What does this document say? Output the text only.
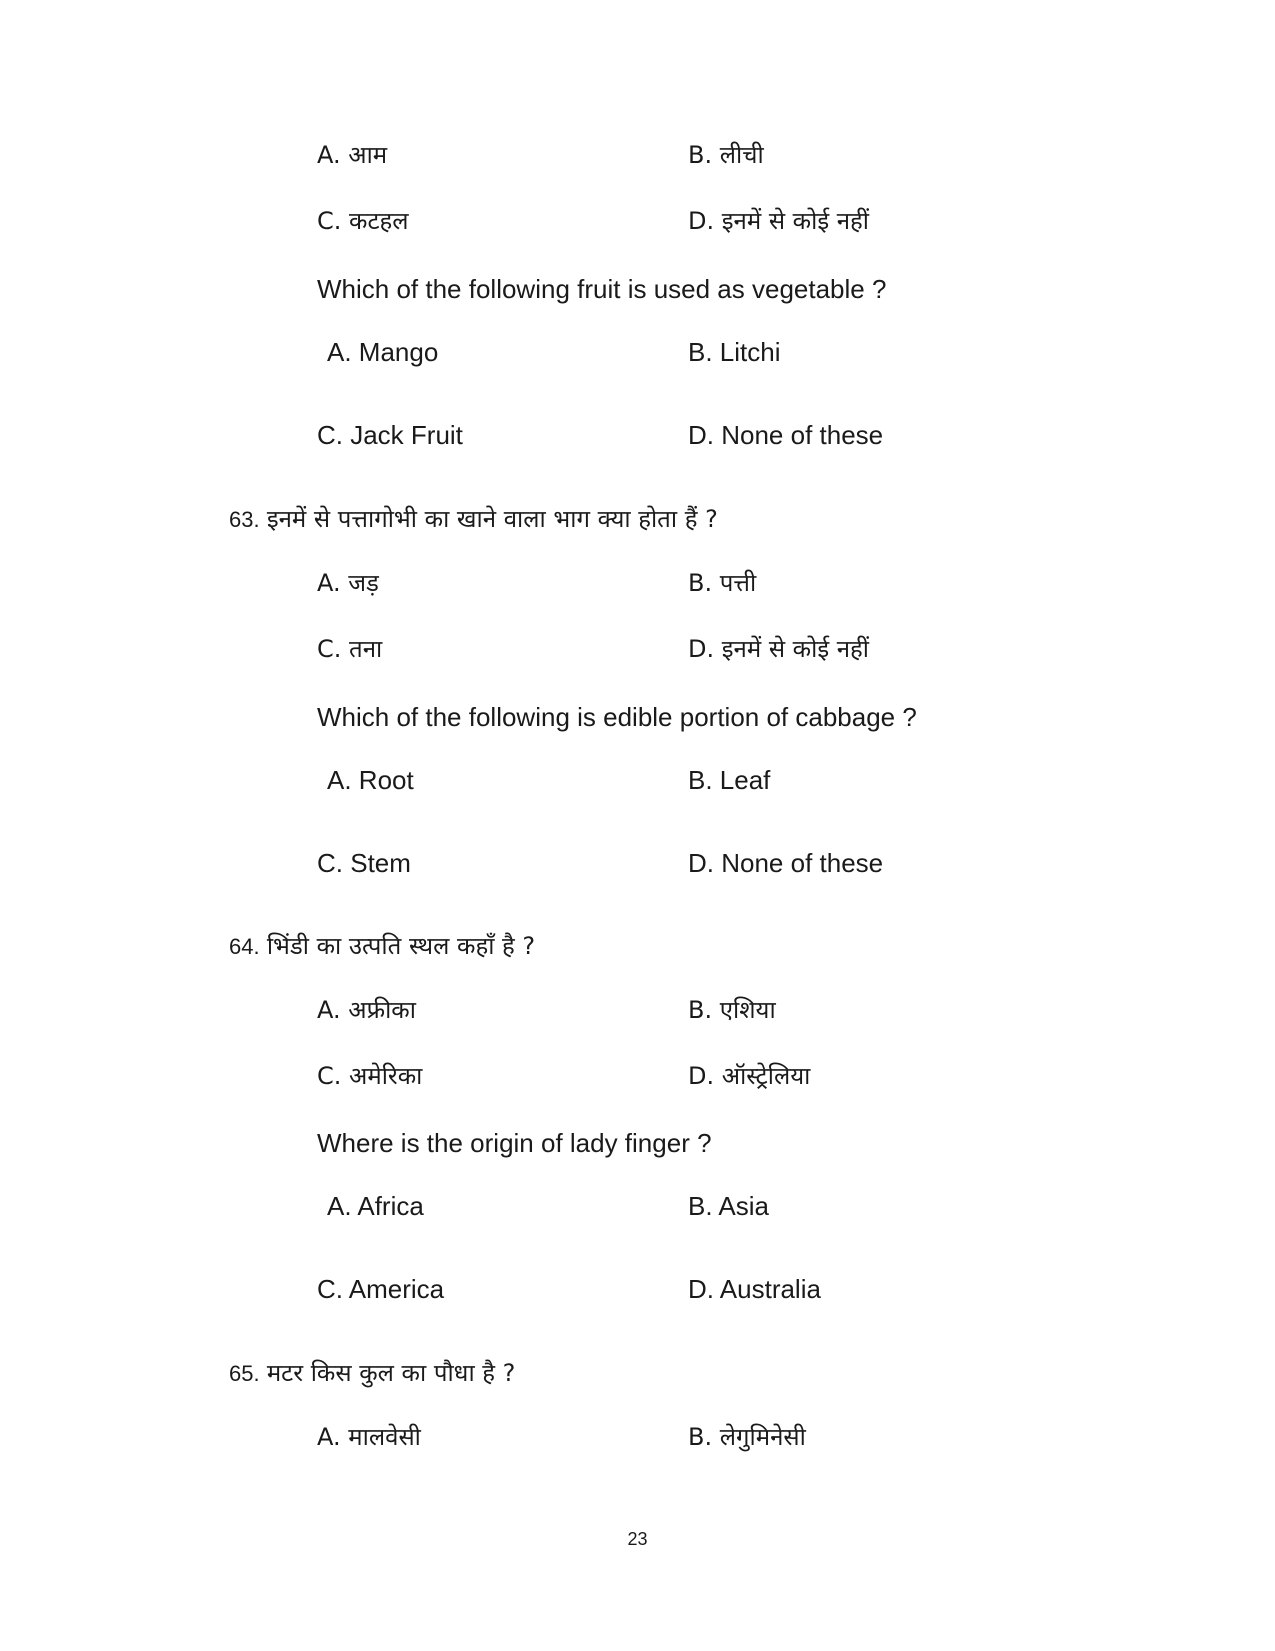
A. आम	B. लीची
C. कटहल	D. इनमें से कोई नहीं
Which of the following fruit is used as vegetable ?
A. Mango	B. Litchi
C. Jack Fruit	D. None of these
63. इनमें से पत्तागोभी का खाने वाला भाग क्या होता हैं ?
A. जड़	B. पत्ती
C. तना	D. इनमें से कोई नहीं
Which of the following is edible portion of cabbage ?
A. Root	B. Leaf
C. Stem	D. None of these
64. भिंडी का उत्पति स्थल कहाँ है ?
A. अफ्रीका	B. एशिया
C. अमेरिका	D. ऑस्ट्रेलिया
Where is the origin of lady finger ?
A. Africa	B. Asia
C. America	D. Australia
65. मटर किस कुल का पौधा है ?
A. मालवेसी	B. लेगुमिनेसी
23
